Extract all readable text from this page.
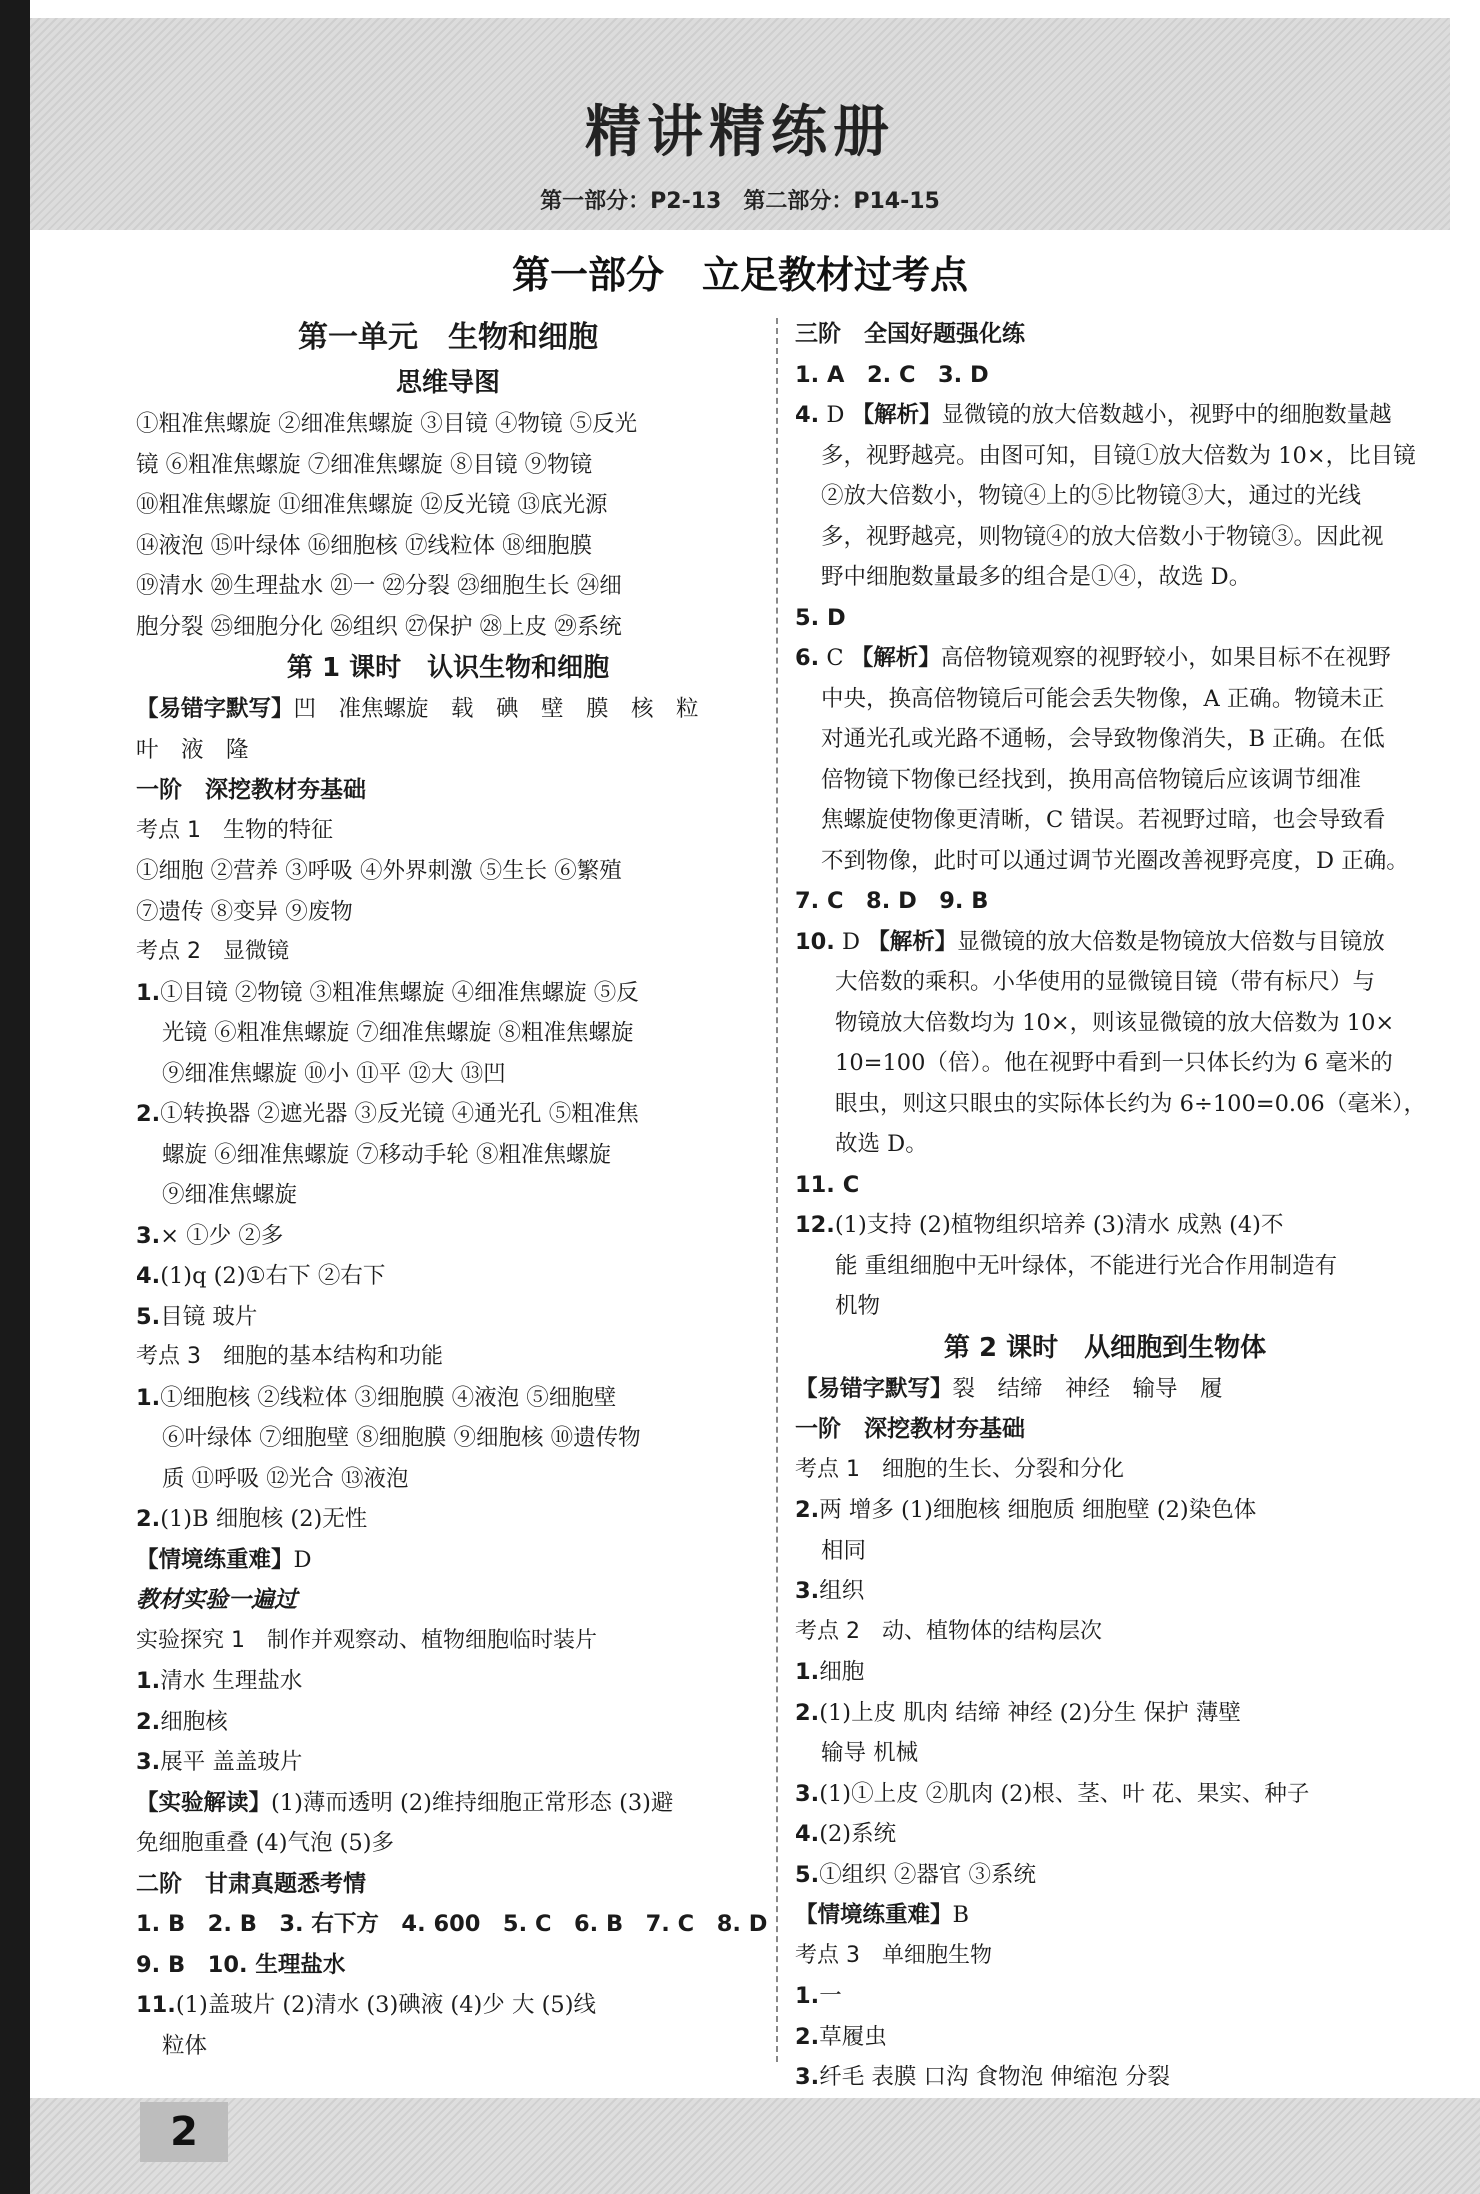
精讲精练册
第一部分：P2-13　第二部分：P14-15
第一部分　立足教材过考点
第一单元　生物和细胞
思维导图
①粗准焦螺旋 ②细准焦螺旋 ③目镜 ④物镜 ⑤反光
镜 ⑥粗准焦螺旋 ⑦细准焦螺旋 ⑧目镜 ⑨物镜
⑩粗准焦螺旋 ⑪细准焦螺旋 ⑫反光镜 ⑬底光源
⑭液泡 ⑮叶绿体 ⑯细胞核 ⑰线粒体 ⑱细胞膜
⑲清水 ⑳生理盐水 ㉑一 ㉒分裂 ㉓细胞生长 ㉔细
胞分裂 ㉕细胞分化 ㉖组织 ㉗保护 ㉘上皮 ㉙系统
第 1 课时　认识生物和细胞
【易错字默写】凹　准焦螺旋　载　碘　壁　膜　核　粒
叶　液　隆
一阶　深挖教材夯基础
考点 1　生物的特征
①细胞 ②营养 ③呼吸 ④外界刺激 ⑤生长 ⑥繁殖
⑦遗传 ⑧变异 ⑨废物
考点 2　显微镜
1.①目镜 ②物镜 ③粗准焦螺旋 ④细准焦螺旋 ⑤反
光镜 ⑥粗准焦螺旋 ⑦细准焦螺旋 ⑧粗准焦螺旋
⑨细准焦螺旋 ⑩小 ⑪平 ⑫大 ⑬凹
2.①转换器 ②遮光器 ③反光镜 ④通光孔 ⑤粗准焦
螺旋 ⑥细准焦螺旋 ⑦移动手轮 ⑧粗准焦螺旋
⑨细准焦螺旋
3.× ①少 ②多
4.(1)q (2)①右下 ②右下
5.目镜 玻片
考点 3　细胞的基本结构和功能
1.①细胞核 ②线粒体 ③细胞膜 ④液泡 ⑤细胞壁
⑥叶绿体 ⑦细胞壁 ⑧细胞膜 ⑨细胞核 ⑩遗传物
质 ⑪呼吸 ⑫光合 ⑬液泡
2.(1)B 细胞核 (2)无性
【情境练重难】D
教材实验一遍过
实验探究 1　制作并观察动、植物细胞临时装片
1.清水 生理盐水
2.细胞核
3.展平 盖盖玻片
【实验解读】(1)薄而透明 (2)维持细胞正常形态 (3)避
免细胞重叠 (4)气泡 (5)多
二阶　甘肃真题悉考情
1. B　2. B　3. 右下方　4. 600　5. C　6. B　7. C　8. D
9. B　10. 生理盐水
11.(1)盖玻片 (2)清水 (3)碘液 (4)少 大 (5)线
粒体
三阶　全国好题强化练
1. A　2. C　3. D
4. D 【解析】显微镜的放大倍数越小，视野中的细胞数量越
多，视野越亮。由图可知，目镜①放大倍数为 10×，比目镜
②放大倍数小，物镜④上的⑤比物镜③大，通过的光线
多，视野越亮，则物镜④的放大倍数小于物镜③。因此视
野中细胞数量最多的组合是①④，故选 D。
5. D
6. C 【解析】高倍物镜观察的视野较小，如果目标不在视野
中央，换高倍物镜后可能会丢失物像，A 正确。物镜未正
对通光孔或光路不通畅，会导致物像消失，B 正确。在低
倍物镜下物像已经找到，换用高倍物镜后应该调节细准
焦螺旋使物像更清晰，C 错误。若视野过暗，也会导致看
不到物像，此时可以通过调节光圈改善视野亮度，D 正确。
7. C　8. D　9. B
10. D 【解析】显微镜的放大倍数是物镜放大倍数与目镜放
大倍数的乘积。小华使用的显微镜目镜（带有标尺）与
物镜放大倍数均为 10×，则该显微镜的放大倍数为 10×
10=100（倍）。他在视野中看到一只体长约为 6 毫米的
眼虫，则这只眼虫的实际体长约为 6÷100=0.06（毫米），
故选 D。
11. C
12.(1)支持 (2)植物组织培养 (3)清水 成熟 (4)不
能 重组细胞中无叶绿体，不能进行光合作用制造有
机物
第 2 课时　从细胞到生物体
【易错字默写】裂　结缔　神经　输导　履
一阶　深挖教材夯基础
考点 1　细胞的生长、分裂和分化
2.两 增多 (1)细胞核 细胞质 细胞壁 (2)染色体
相同
3.组织
考点 2　动、植物体的结构层次
1.细胞
2.(1)上皮 肌肉 结缔 神经 (2)分生 保护 薄壁
输导 机械
3.(1)①上皮 ②肌肉 (2)根、茎、叶 花、果实、种子
4.(2)系统
5.①组织 ②器官 ③系统
【情境练重难】B
考点 3　单细胞生物
1.一
2.草履虫
3.纤毛 表膜 口沟 食物泡 伸缩泡 分裂
2
